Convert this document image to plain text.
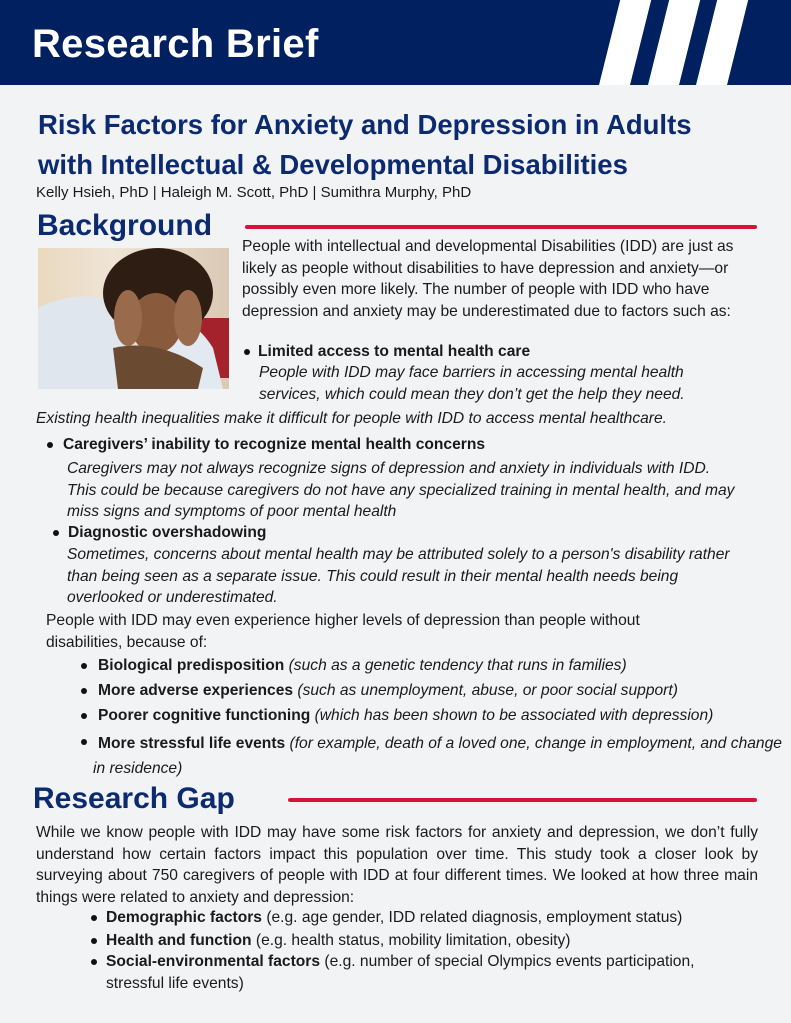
Research Brief
Risk Factors for Anxiety and Depression in Adults
with Intellectual & Developmental Disabilities
Kelly Hsieh, PhD | Haleigh M. Scott, PhD | Sumithra Murphy, PhD
Background
People with intellectual and developmental Disabilities (IDD) are just as likely as people without disabilities to have depression and anxiety—or possibly even more likely. The number of people with IDD who have depression and anxiety may be underestimated due to factors such as:
Limited access to mental health care
People with IDD may face barriers in accessing mental health services, which could mean they don’t get the help they need.
Existing health inequalities make it difficult for people with IDD to access mental healthcare.
Caregivers’ inability to recognize mental health concerns
Caregivers may not always recognize signs of depression and anxiety in individuals with IDD. This could be because caregivers do not have any specialized training in mental health, and may miss signs and symptoms of poor mental health
Diagnostic overshadowing
Sometimes, concerns about mental health may be attributed solely to a person's disability rather than being seen as a separate issue. This could result in their mental health needs being overlooked or underestimated.
People with IDD may even experience higher levels of depression than people without disabilities, because of:
Biological predisposition (such as a genetic tendency that runs in families)
More adverse experiences (such as unemployment, abuse, or poor social support)
Poorer cognitive functioning (which has been shown to be associated with depression)
More stressful life events (for example, death of a loved one, change in employment, and change in residence)
Research Gap
While we know people with IDD may have some risk factors for anxiety and depression, we don’t fully understand how certain factors impact this population over time. This study took a closer look by surveying about 750 caregivers of people with IDD at four different times. We looked at how three main things were related to anxiety and depression:
Demographic factors (e.g. age gender, IDD related diagnosis, employment status)
Health and function (e.g. health status, mobility limitation, obesity)
Social-environmental factors (e.g. number of special Olympics events participation, stressful life events)
